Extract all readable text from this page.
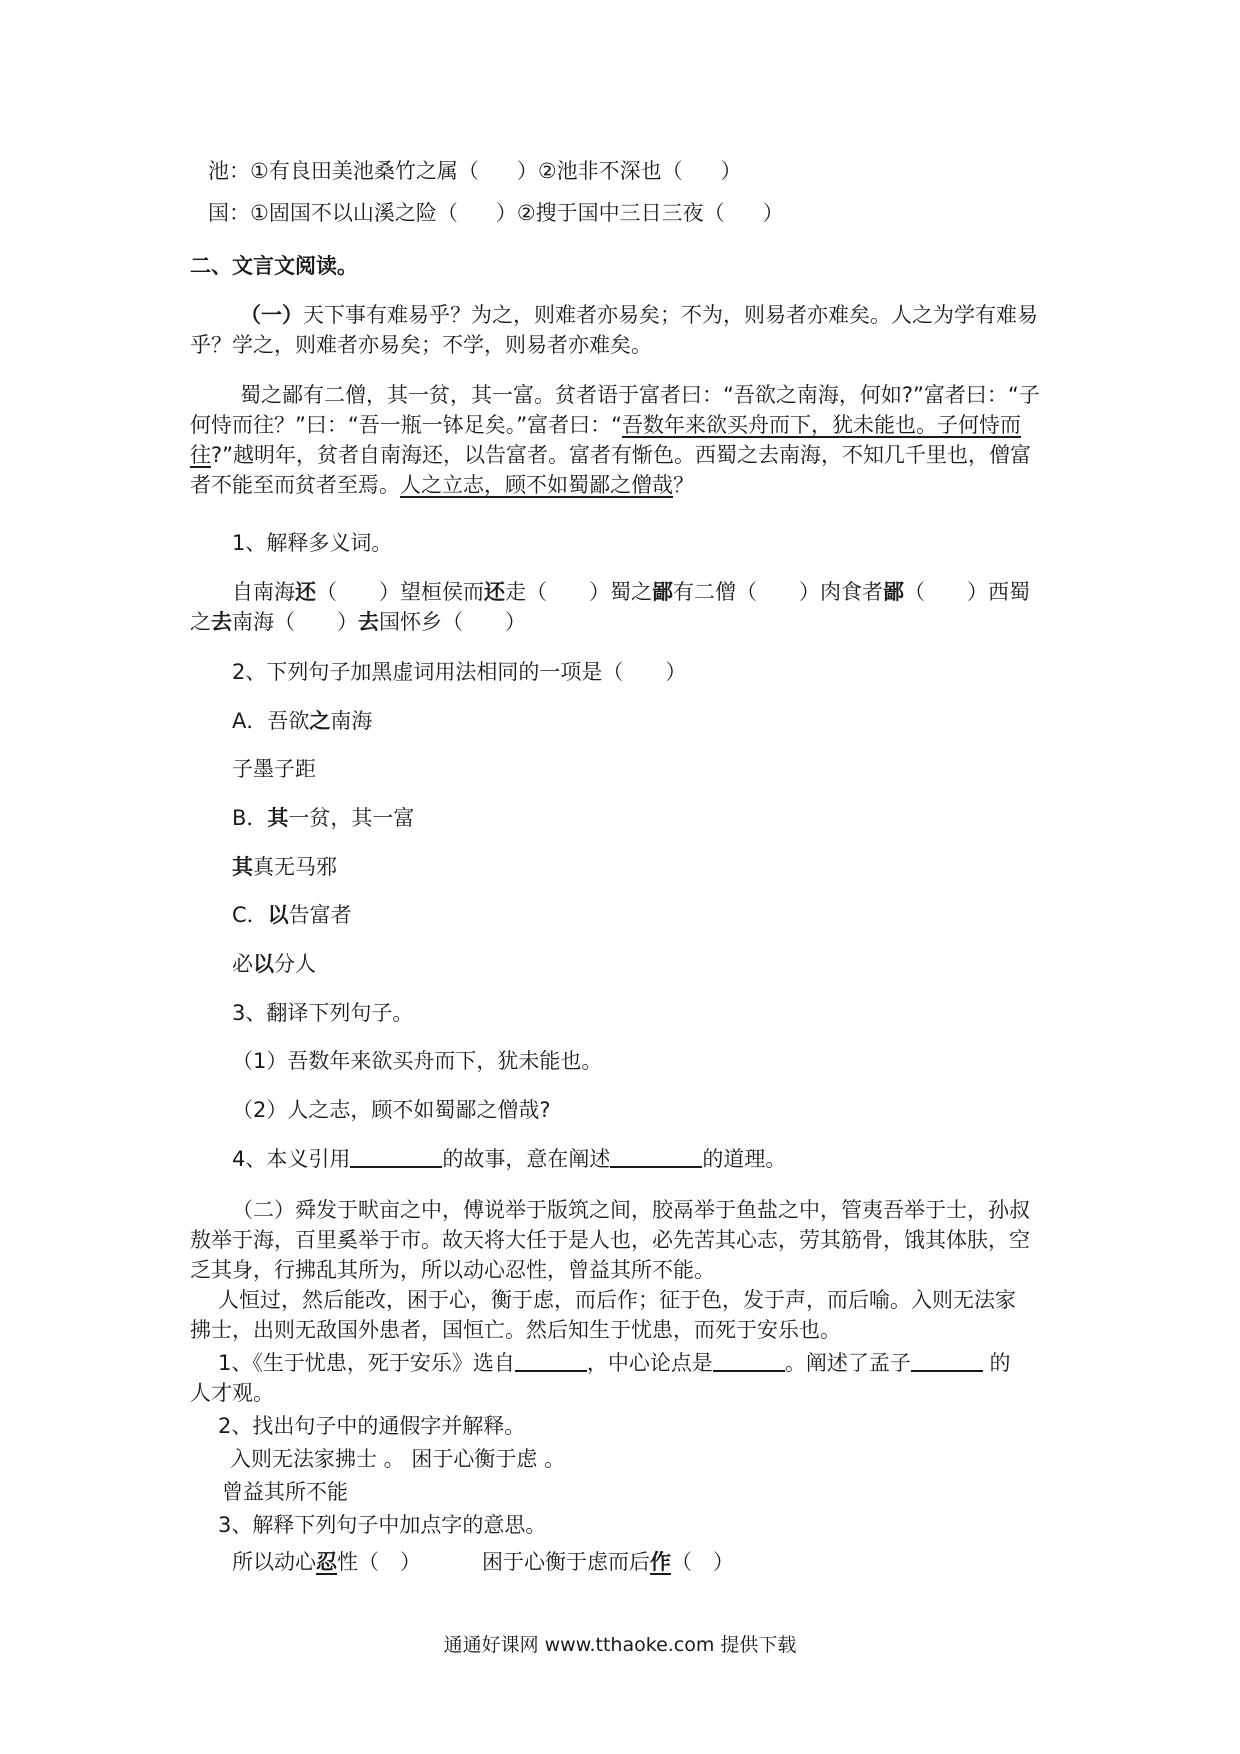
池：①有良田美池桑竹之属（ ）②池非不深也（ ）
国：①固国不以山溪之险（ ）②搜于国中三日三夜（ ）
二、文言文阅读。
（一）天下事有难易乎？为之，则难者亦易矣；不为，则易者亦难矣。人之为学有难易
乎？学之，则难者亦易矣；不学，则易者亦难矣。
蜀之鄙有二僧，其一贫，其一富。贫者语于富者曰：“吾欲之南海，何如?”富者曰：“子
何恃而往？”曰：“吾一瓶一钵足矣。”富者曰：“吾数年来欲买舟而下，犹未能也。子何恃而
往?”越明年，贫者自南海还，以告富者。富者有惭色。西蜀之去南海，不知几千里也，僧富
者不能至而贫者至焉。人之立志，顾不如蜀鄙之僧哉？
1、解释多义词。
自南海还（　　）望桓侯而还走（　　）蜀之鄙有二僧（　　）肉食者鄙（　　）西蜀
之去南海（　　）去国怀乡（　　）
2、下列句子加黑虚词用法相同的一项是（　　）
A．吾欲之南海
子墨子距
B．其一贫，其一富
其真无马邪
C．以告富者
必以分人
3、翻译下列句子。
（1）吾数年来欲买舟而下，犹未能也。
（2）人之志，顾不如蜀鄙之僧哉?
4、本义引用	的故事，意在阐述	的道理。
（二）舜发于畎亩之中，傅说举于版筑之间，胶鬲举于鱼盐之中，管夷吾举于士，孙叔
敖举于海，百里奚举于市。故天将大任于是人也，必先苦其心志，劳其筋骨，饿其体肤，空
乏其身，行拂乱其所为，所以动心忍性，曾益其所不能。
人恒过，然后能改，困于心，衡于虑，而后作；征于色，发于声，而后喻。入则无法家
拂士，出则无敌国外患者，国恒亡。然后知生于忧患，而死于安乐也。
1、《生于忧患，死于安乐》选自	，中心论点是	。阐述了孟子	的
人才观。
2、找出句子中的通假字并解释。
入则无法家拂士 。 困于心衡于虑 。
曾益其所不能
3、解释下列句子中加点字的意思。
所以动心忍性（　）	困于心衡于虑而后作（　）
通通好课网 www.tthaoke.com 提供下载
